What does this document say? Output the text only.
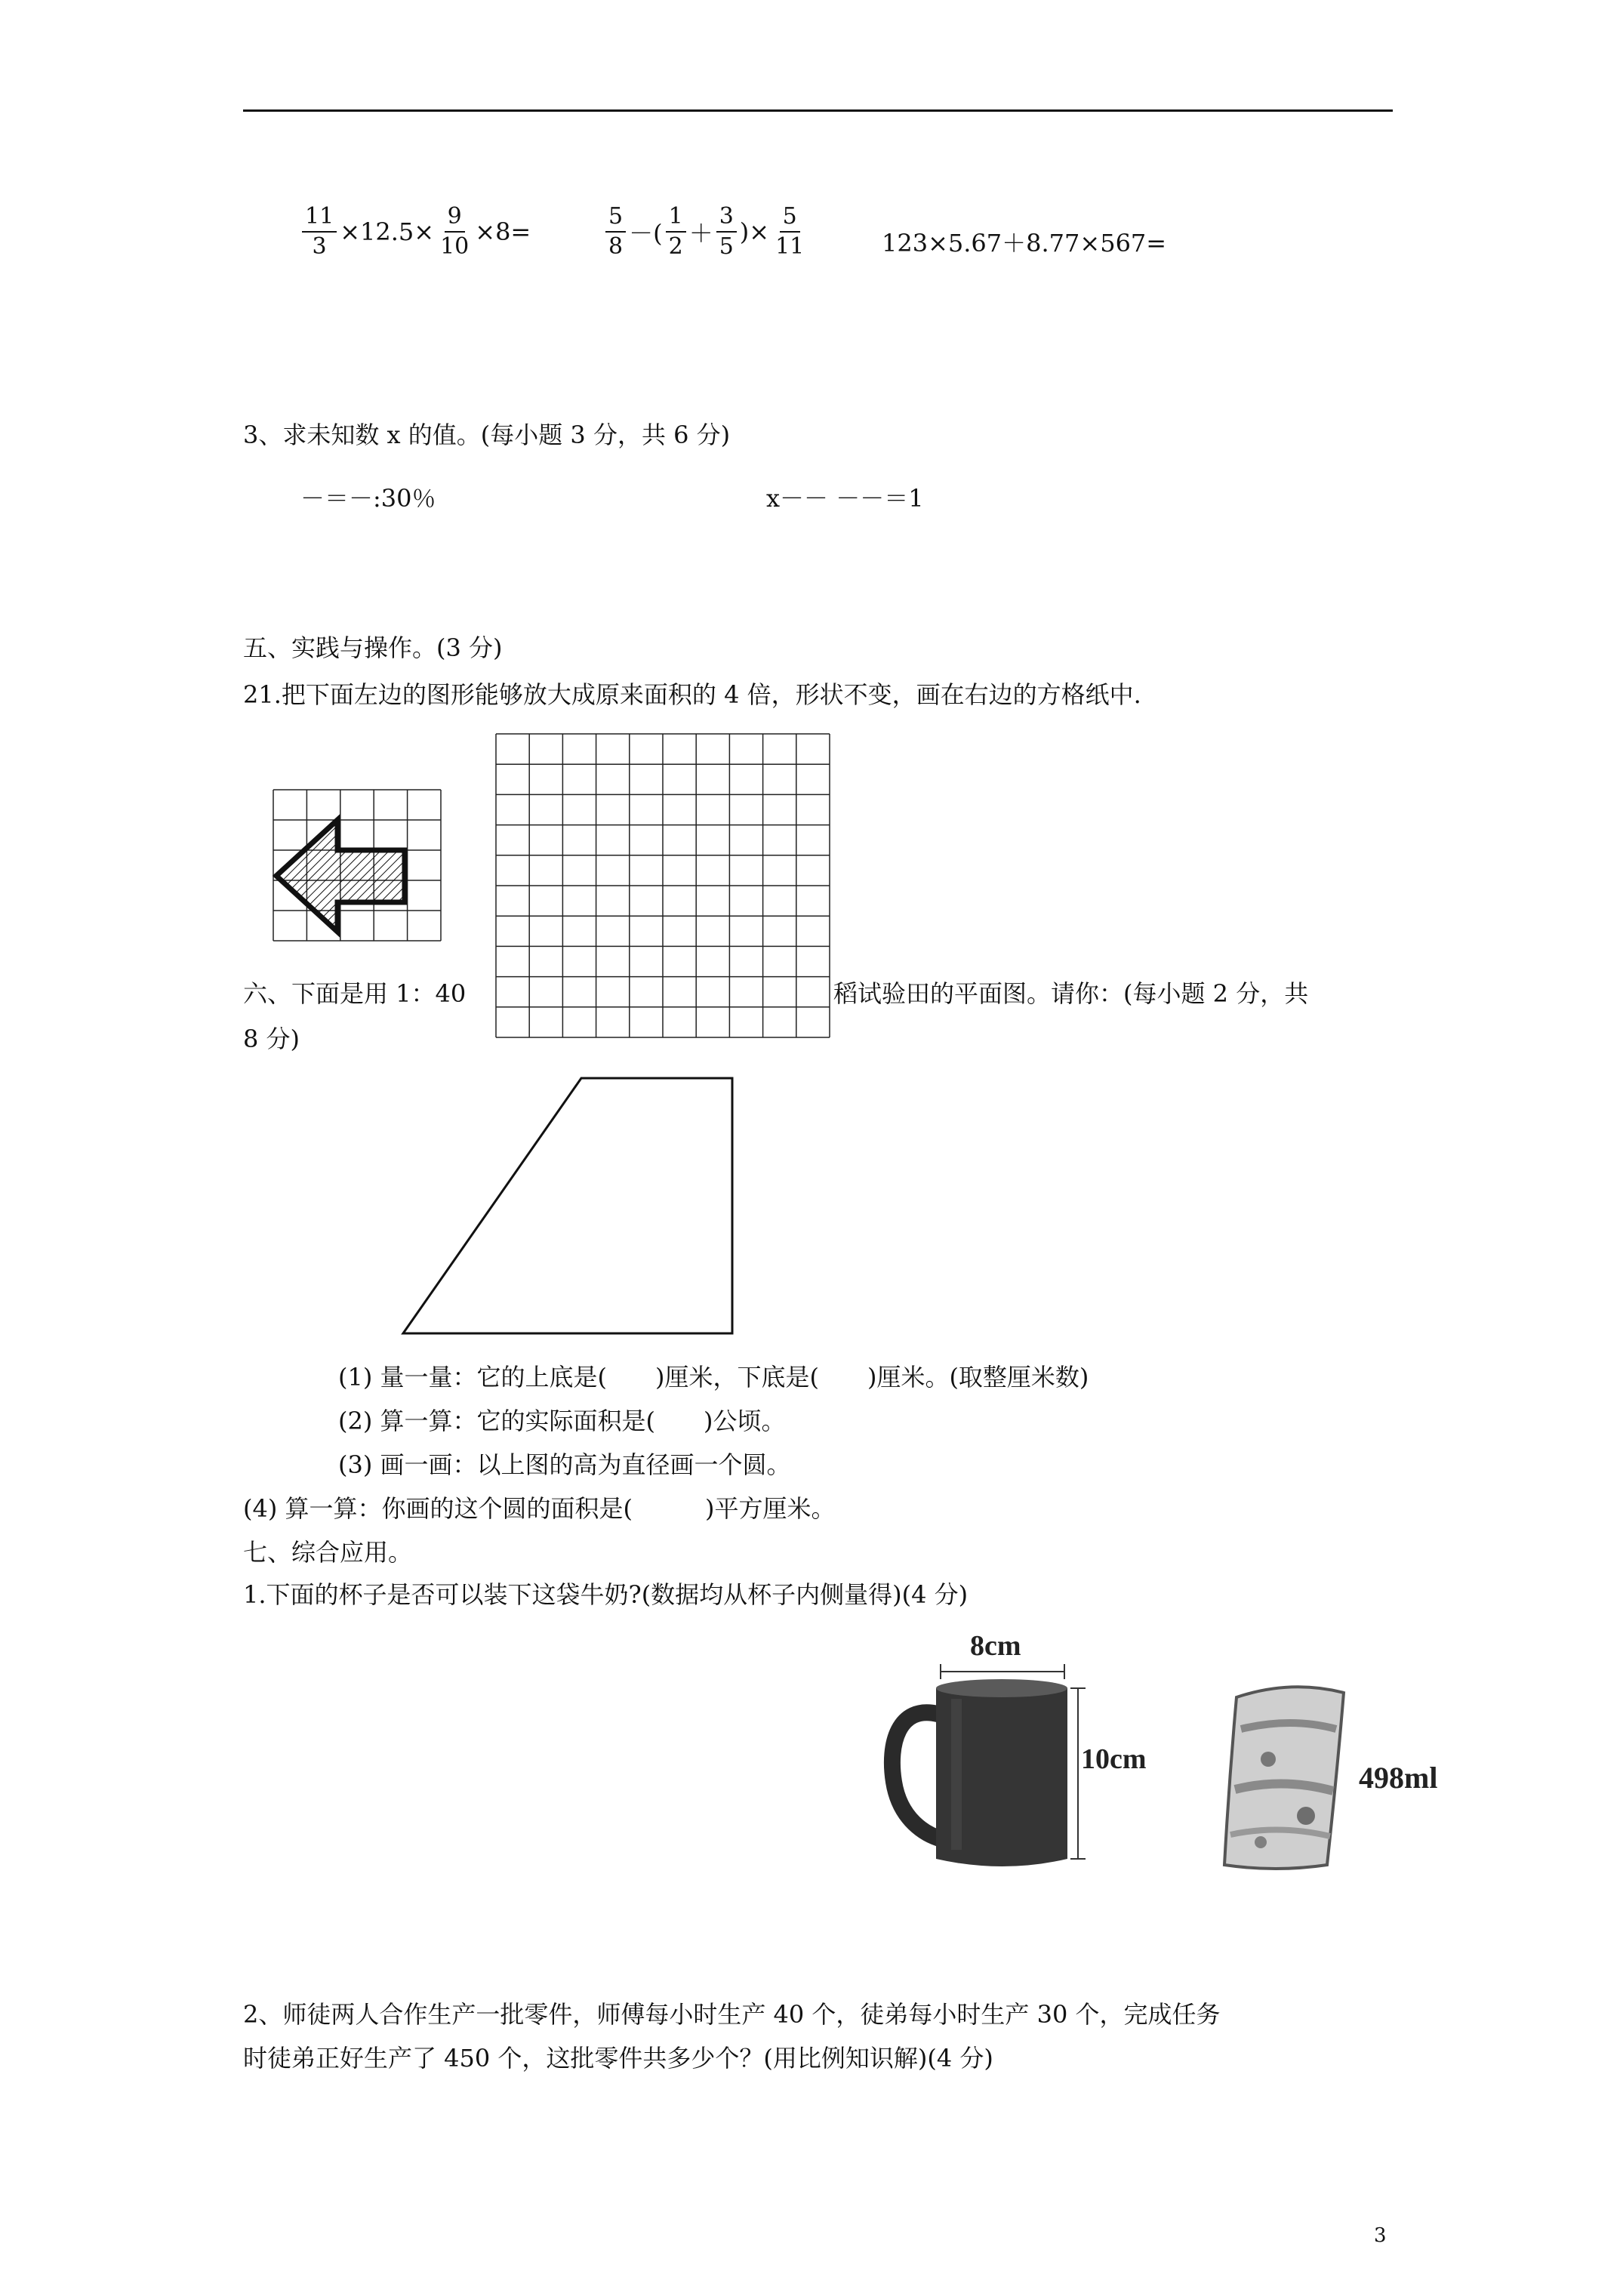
$\frac{11}{3} \times 12.5\times \frac{9}{10} \times 8=$	$\frac{5}{8}$ －( $\frac{1}{2} + \frac{3}{5}$ )× $\frac{5}{11}$	123×5.67＋8.77×567=
3、求未知数 x 的值。(每小题 3 分，共 6 分)
－＝－:30％	x－－ －－＝1
五、实践与操作。(3 分)
21.把下面左边的图形能够放大成原来面积的 4 倍，形状不变，画在右边的方格纸中.
六、下面是用 1：40	稻试验田的平面图。请你：(每小题 2 分，共
8 分)
(1) 量一量：它的上底是(　　)厘米，下底是(　　)厘米。(取整厘米数)
(2) 算一算：它的实际面积是(　　)公顷。
(3) 画一画：以上图的高为直径画一个圆。
(4) 算一算：你画的这个圆的面积是(　　　)平方厘米。
七、综合应用。
1.下面的杯子是否可以装下这袋牛奶?(数据均从杯子内侧量得)(4 分)
8cm
10cm
498ml
2、师徒两人合作生产一批零件，师傅每小时生产 40 个，徒弟每小时生产 30 个，完成任务
时徒弟正好生产了 450 个，这批零件共多少个？(用比例知识解)(4 分)
3
